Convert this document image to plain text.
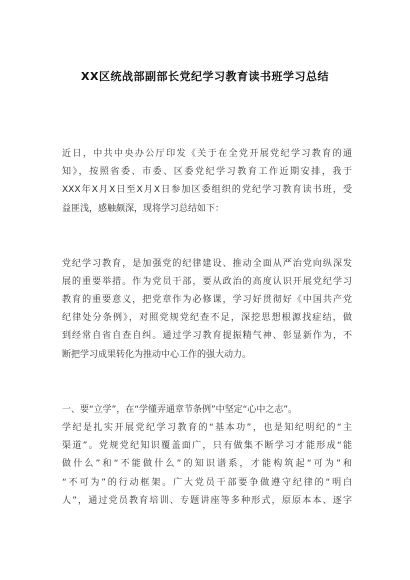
XX区统战部副部长党纪学习教育读书班学习总结
近日，中共中央办公厅印发《关于在全党开展党纪学习教育的通
知》，按照省委、市委、区委党纪学习教育工作近期安排，我于
XXX年X月X日至X月X日参加区委组织的党纪学习教育读书班，受
益匪浅，感触颇深，现将学习总结如下：
党纪学习教育，是加强党的纪律建设、推动全面从严治党向纵深发
展的重要举措。作为党员干部，要从政治的高度认识开展党纪学习
教育的重要意义，把党章作为必修课，学习好贯彻好《中国共产党
纪律处分条例》，对照党规党纪查不足，深挖思想根源找症结，做
到经常自省自查自纠。通过学习教育提振精气神、彰显新作为，不
断把学习成果转化为推动中心工作的强大动力。
一、要“立学”，在“学懂弄通章节条例”中坚定“心中之志”。
学纪是扎实开展党纪学习教育的“基本功”，也是知纪明纪的“主
渠道”。党规党纪知识覆盖面广，只有做集不断学习才能形成“能
做什么”和“不能做什么”的知识谱系，才能构筑起“可为”和
“不可为”的行动框架。广大党员干部要争做遵守纪律的“明白
人”，通过党员教育培训、专题讲座等多种形式，原原本本、逐字
